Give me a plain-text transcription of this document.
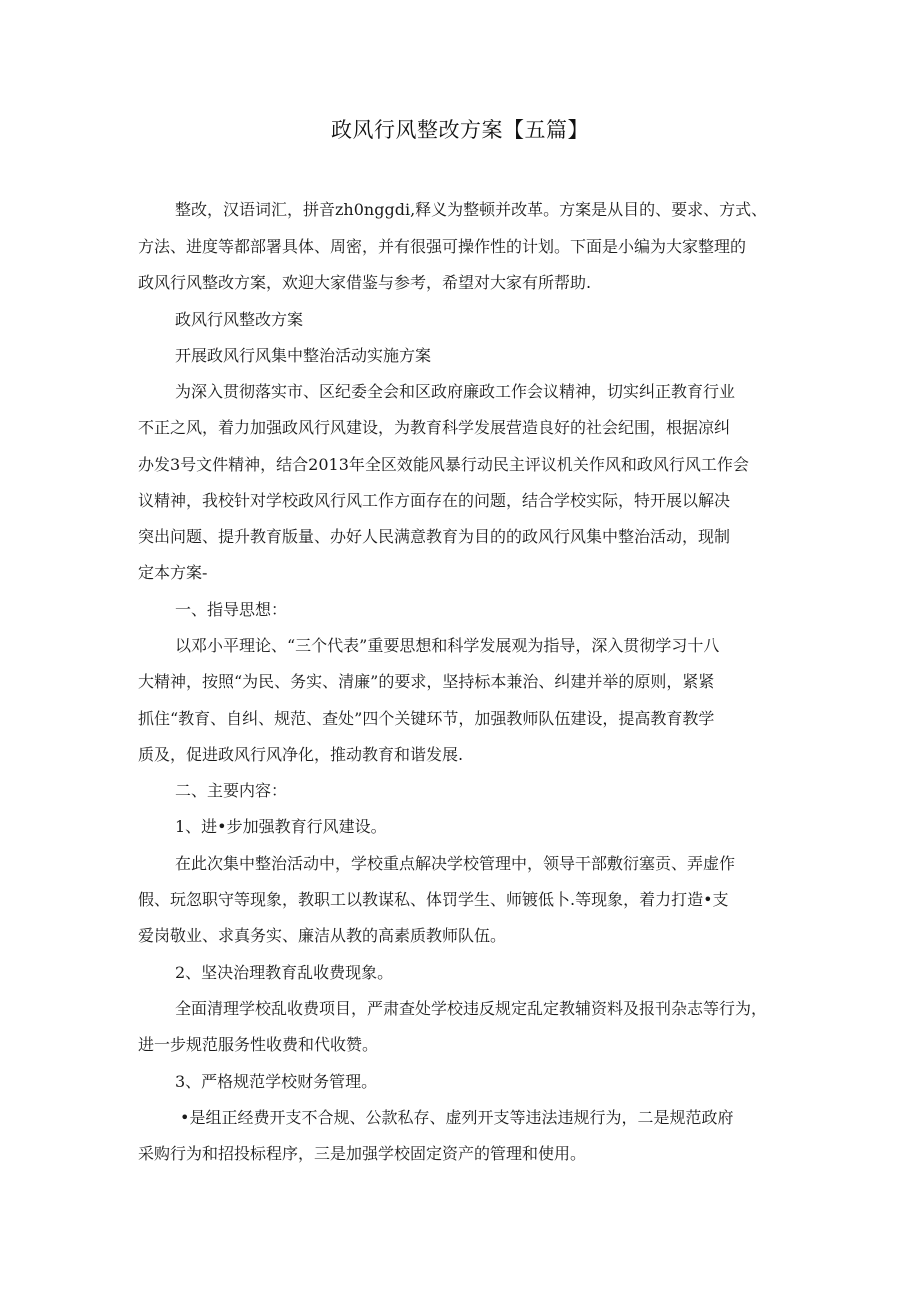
政风行风整改方案【五篇】
整改，汉语词汇，拼音zh0nggdi,释义为整顿并改革。方案是从目的、要求、方式、
方法、进度等都部署具体、周密，并有很强可操作性的计划。下面是小编为大家整理的
政风行风整改方案，欢迎大家借鉴与参考，希望对大家有所帮助.
政风行风整改方案
开展政风行风集中整治活动实施方案
为深入贯彻落实市、区纪委全会和区政府廉政工作会议精神，切实纠正教育行业
不正之风，着力加强政风行风建设，为教育科学发展营造良好的社会纪围，根据凉纠
办发3号文件精神，结合2013年全区效能风暴行动民主评议机关作风和政风行风工作会
议精神，我校针对学校政风行风工作方面存在的问题，结合学校实际，特开展以解决
突出问题、提升教育版量、办好人民满意教育为目的的政风行风集中整治活动，现制
定本方案-
一、指导思想：
以邓小平理论、“三个代表”重要思想和科学发展观为指导，深入贯彻学习十八
大精神，按照“为民、务实、清廉”的要求，坚持标本兼治、纠建并举的原则，紧紧
抓住“教育、自纠、规范、查处”四个关键环节，加强教师队伍建设，提高教育教学
质及，促进政风行风净化，推动教育和谐发展.
二、主要内容：
1、进•步加强教育行风建设。
在此次集中整治活动中，学校重点解决学校管理中，领导干部敷衍塞贡、弄虚作
假、玩忽职守等现象，教职工以教谋私、体罚学生、师镀低卜.等现象，着力打造•支
爱岗敬业、求真务实、廉洁从教的高素质教师队伍。
2、坚决治理教育乱收费现象。
全面清理学校乱收费项目，严肃查处学校违反规定乱定教辅资料及报刊杂志等行为，
进一步规范服务性收费和代收赞。
3、严格规范学校财务管理。
•是组正经费开支不合规、公款私存、虚列开支等违法违规行为，二是规范政府
采购行为和招投标程序，三是加强学校固定资产的管理和使用。
